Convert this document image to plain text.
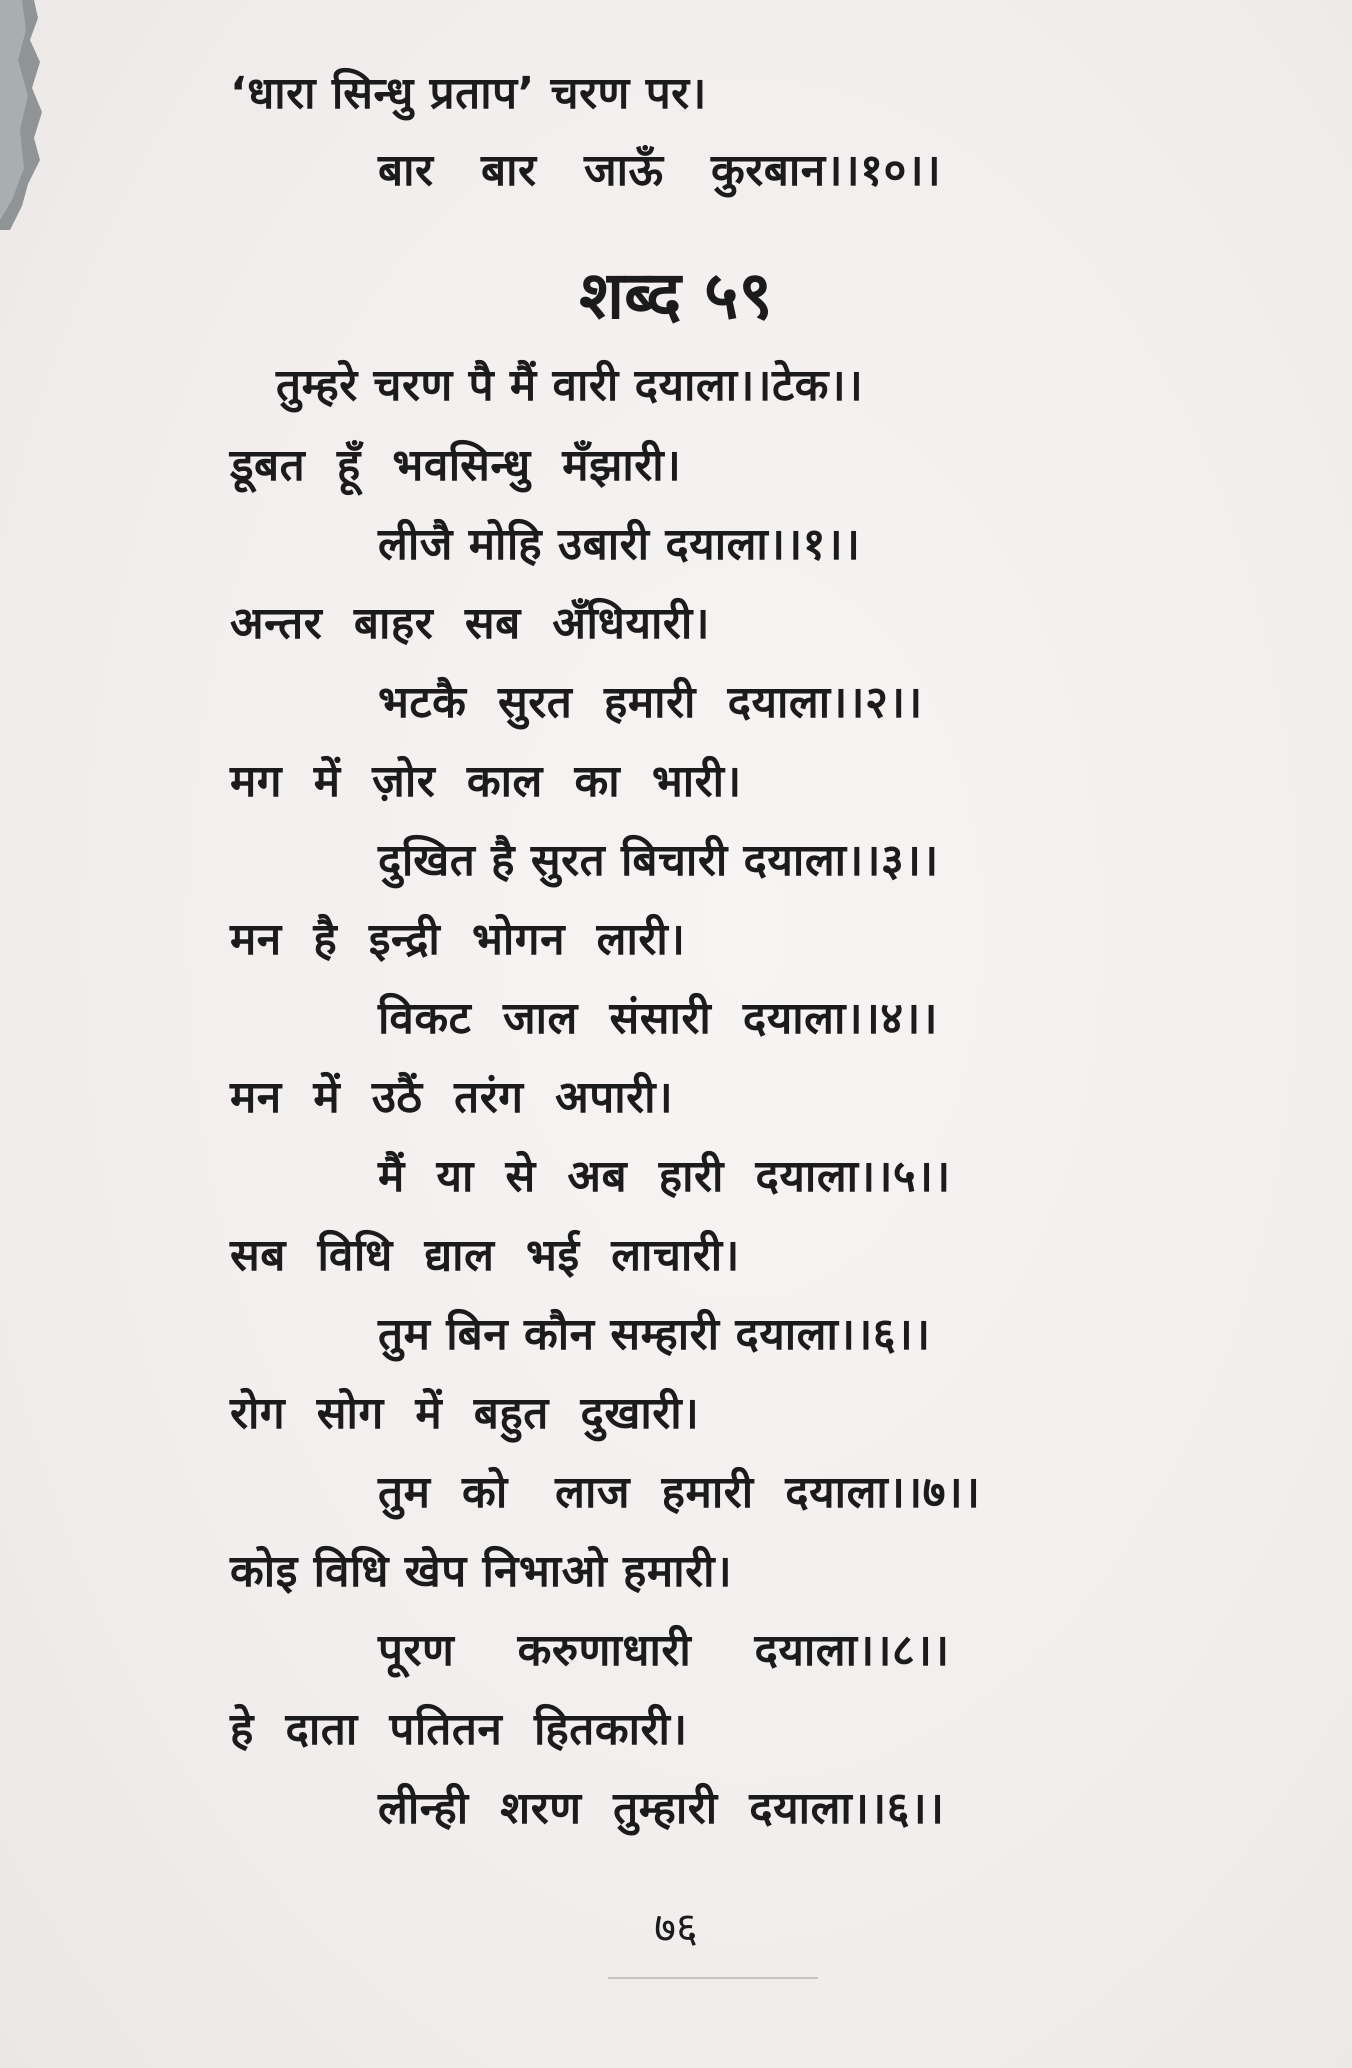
‘धारा सिन्धु प्रताप’ चरण पर।
बार   बार   जाऊँ   कुरबान।।१०।।
शब्द ५९
तुम्हरे चरण पै मैं वारी दयाला।।टेक।।
डूबत  हूँ  भवसिन्धु  मँझारी।
लीजै मोहि उबारी दयाला।।१।।
अन्तर  बाहर  सब  अँधियारी।
भटकै  सुरत  हमारी  दयाला।।२।।
मग  में  ज़ोर  काल  का  भारी।
दुखित है सुरत बिचारी दयाला।।३।।
मन  है  इन्द्री  भोगन  लारी।
विकट  जाल  संसारी  दयाला।।४।।
मन  में  उठैं  तरंग  अपारी।
मैं  या  से  अब  हारी  दयाला।।५।।
सब  विधि  द्याल  भई  लाचारी।
तुम बिन कौन सम्हारी दयाला।।६।।
रोग  सोग  में  बहुत  दुखारी।
तुम  को   लाज  हमारी  दयाला।।७।।
कोइ विधि खेप निभाओ हमारी।
पूरण    करुणाधारी    दयाला।।८।।
हे  दाता  पतितन  हितकारी।
लीन्ही  शरण  तुम्हारी  दयाला।।६।।
७६
